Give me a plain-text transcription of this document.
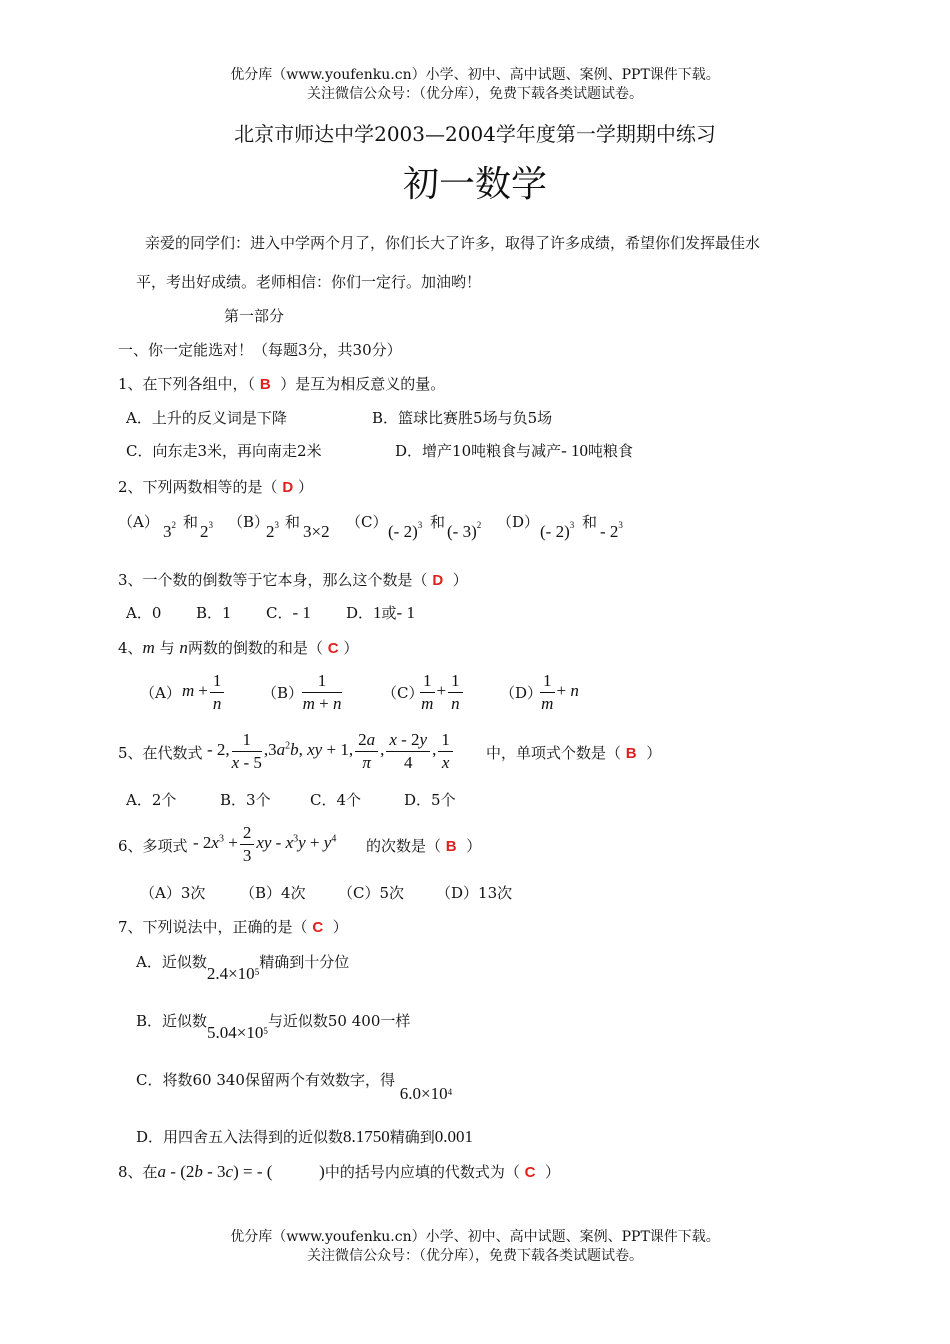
优分库（www.youfenku.cn）小学、初中、高中试题、案例、PPT课件下载。
关注微信公众号：（优分库），免费下载各类试题试卷。
北京市师达中学2003—2004学年度第一学期期中练习
初一数学
亲爱的同学们：进入中学两个月了，你们长大了许多，取得了许多成绩，希望你们发挥最佳水
平，考出好成绩。老师相信：你们一定行。加油哟！
第一部分
一、你一定能选对！（每题3分，共30分）
1、在下列各组中，（ B ）是互为相反意义的量。
A．上升的反义词是下降	B．篮球比赛胜5场与负5场
C．向东走3米，再向南走2米	D．增产10吨粮食与减产- 10吨粮食
2、下列两数相等的是（ D ）
（A） $3^2$ 和 $2^3$ （B）
$2^3$ 和 3×2 （C） (- 2)$^3$ 和 (- 3)$^2$ （D） (- 2)$^3$ 和 - $2^3$
3、一个数的倒数等于它本身，那么这个数是（ D ）
A．0 B．1 C．- 1 D．1或- 1
4、m 与 n两数的倒数的和是（ C ）
（A） $m + \frac{1}{n}$	（B）
$\frac{1}{m + n}$	（C）
$\frac{1}{m} + \frac{1}{n} (D)$
$\frac{1}{m} + n$
5、在代数式 - 2, $\frac{1}{x - 5} ,3a^2b$, xy + 1, $\frac{2a}{\pi}$ , $\frac{x - 2y}{4}$ , $\frac{1}{x}$ 中，单项式个数是（ B ）
A．2个	B．3个	C．4个	D．5个
6、多项式 - $2x^3 + \frac{2}{3}$ xy - $x^3y + y^4$ 的次数是（ B ）
（A）3次 （B）4次 （C）5次 （D）13次
7、下列说法中，正确的是（ C ）
A．近似数$2.4\times 10^5$精确到十分位
B．近似数$5.04\times 10^5$与近似数50 400一样
C．将数60 340保留两个有效数字，得 $6.0\times 10^4$
D．用四舍五入法得到的近似数8.1750精确到0.001
8、在a - (2b - 3c) = - (           )中的括号内应填的代数式为（ C ）
优分库（www.youfenku.cn）小学、初中、高中试题、案例、PPT课件下载。
关注微信公众号：（优分库），免费下载各类试题试卷。
